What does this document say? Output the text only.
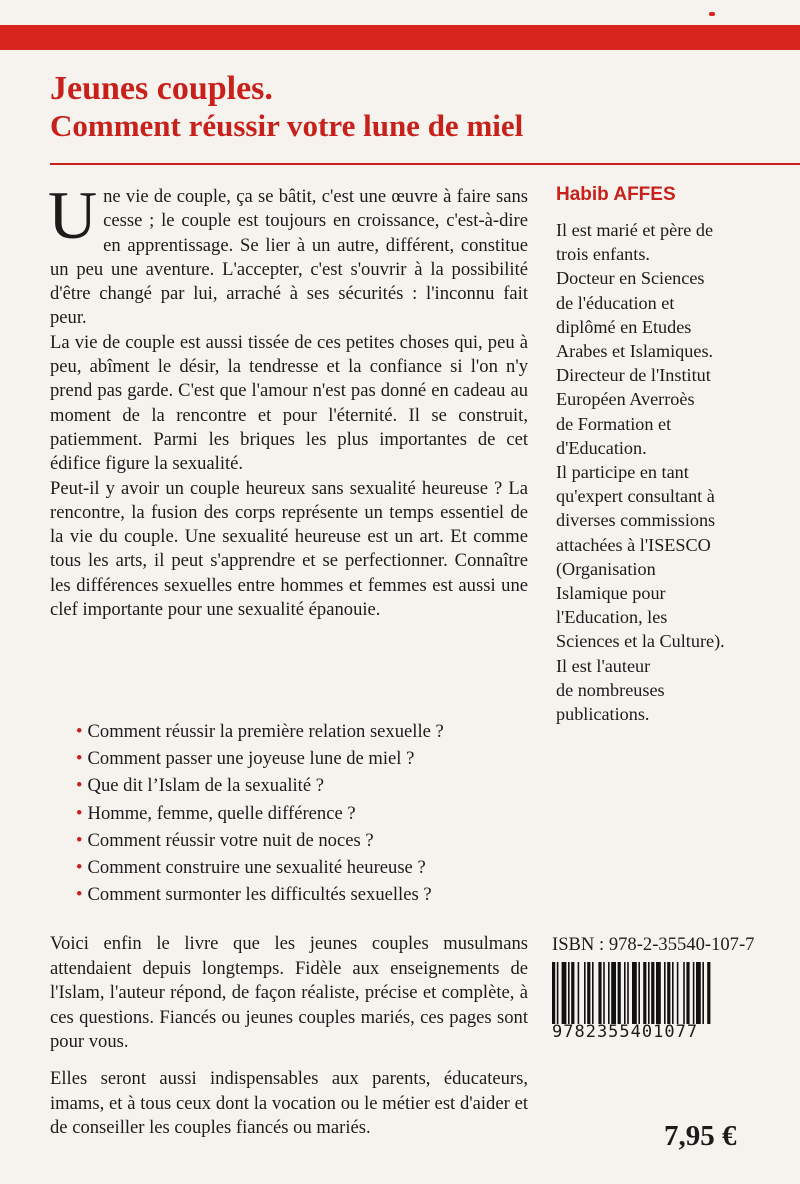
Jeunes couples.
Comment réussir votre lune de miel

Une vie de couple, ça se bâtit, c'est une œuvre à faire sans cesse ; le couple est toujours en croissance, c'est-à-dire en apprentissage. Se lier à un autre, différent, constitue un peu une aventure. L'accepter, c'est s'ouvrir à la possibilité d'être changé par lui, arraché à ses sécurités : l'inconnu fait peur.

La vie de couple est aussi tissée de ces petites choses qui, peu à peu, abîment le désir, la tendresse et la confiance si l'on n'y prend pas garde. C'est que l'amour n'est pas donné en cadeau au moment de la rencontre et pour l'éternité. Il se construit, patiemment. Parmi les briques les plus importantes de cet édifice figure la sexualité.

Peut-il y avoir un couple heureux sans sexualité heureuse ? La rencontre, la fusion des corps représente un temps essentiel de la vie du couple. Une sexualité heureuse est un art. Et comme tous les arts, il peut s'apprendre et se perfectionner. Connaître les différences sexuelles entre hommes et femmes est aussi une clef importante pour une sexualité épanouie.

• Comment réussir la première relation sexuelle ?
• Comment passer une joyeuse lune de miel ?
• Que dit l’Islam de la sexualité ?
• Homme, femme, quelle différence ?
• Comment réussir votre nuit de noces ?
• Comment construire une sexualité heureuse ?
• Comment surmonter les difficultés sexuelles ?

Voici enfin le livre que les jeunes couples musulmans attendaient depuis longtemps. Fidèle aux enseignements de l'Islam, l'auteur répond, de façon réaliste, précise et complète, à ces questions. Fiancés ou jeunes couples mariés, ces pages sont pour vous.

Elles seront aussi indispensables aux parents, éducateurs, imams, et à tous ceux dont la vocation ou le métier est d'aider et de conseiller les couples fiancés ou mariés.

Habib AFFES
Il est marié et père de
trois enfants.
Docteur en Sciences
de l'éducation et
diplômé en Etudes
Arabes et Islamiques.
Directeur de l'Institut
Européen Averroès
de Formation et
d'Education.
Il participe en tant
qu'expert consultant à
diverses commissions
attachées à l'ISESCO
(Organisation
Islamique pour
l'Education, les
Sciences et la Culture).
Il est l'auteur
de nombreuses
publications.
ISBN : 978-2-35540-107-7
9782355401077
7,95 €
